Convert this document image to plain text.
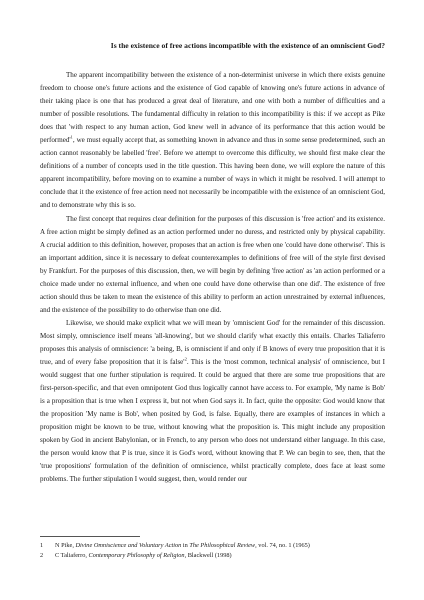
Is the existence of free actions incompatible with the existence of an omniscient God?

The apparent incompatibility between the existence of a non-determinist universe in which there exists genuine freedom to choose one's future actions and the existence of God capable of knowing one's future actions in advance of their taking place is one that has produced a great deal of literature, and one with both a number of difficulties and a number of possible resolutions. The fundamental difficulty in relation to this incompatibility is this: if we accept as Pike does that 'with respect to any human action, God knew well in advance of its performance that this action would be $performed'^1$, we must equally accept that, as something known in advance and thus in some sense predetermined, such an action cannot reasonably be labelled 'free'. Before we attempt to overcome this difficulty, we should first make clear the definitions of a number of concepts used in the title question. This having been done, we will explore the nature of this apparent incompatibility, before moving on to examine a number of ways in which it might be resolved. I will attempt to conclude that it the existence of free action need not necessarily be incompatible with the existence of an omniscient God, and to demonstrate why this is so.

The first concept that requires clear definition for the purposes of this discussion is 'free action' and its existence. A free action might be simply defined as an action performed under no duress, and restricted only by physical capability. A crucial addition to this definition, however, proposes that an action is free when one 'could have done otherwise'. This is an important addition, since it is necessary to defeat counterexamples to definitions of free will of the style first devised by Frankfurt. For the purposes of this discussion, then, we will begin by defining 'free action' as 'an action performed or a choice made under no external influence, and when one could have done otherwise than one did'. The existence of free action should thus be taken to mean the existence of this ability to perform an action unrestrained by external influences, and the existence of the possibility to do otherwise than one did.

Likewise, we should make explicit what we will mean by 'omniscient God' for the remainder of this discussion. Most simply, omniscience itself means 'all-knowing', but we should clarify what exactly this entails. Charles Taliaferro proposes this analysis of omniscience: 'a being, B, is omniscient if and only if B knows of every true proposition that it is true, and of every false proposition that it is $false'^2$. This is the 'most common, technical analysis' of omniscience, but I would suggest that one further stipulation is required. It could be argued that there are some true propositions that are first-person-specific, and that even omnipotent God thus logically cannot have access to. For example, 'My name is Bob' is a proposition that is true when I express it, but not when God says it. In fact, quite the opposite: God would know that the proposition 'My name is Bob', when posited by God, is false. Equally, there are examples of instances in which a proposition might be known to be true, without knowing what the proposition is. This might include any proposition spoken by God in ancient Babylonian, or in French, to any person who does not understand either language. In this case, the person would know that P is true, since it is God's word, without knowing that P. We can begin to see, then, that the 'true propositions' formulation of the definition of omniscience, whilst practically complete, does face at least some problems. The further stipulation I would suggest, then, would render our

1 N Pike, Divine Omniscience and Voluntary Action in The Philosophical Review, vol. 74, no. 1 (1965)
2 C Taliaferro, Contemporary Philosophy of Religion, Blackwell (1998)
